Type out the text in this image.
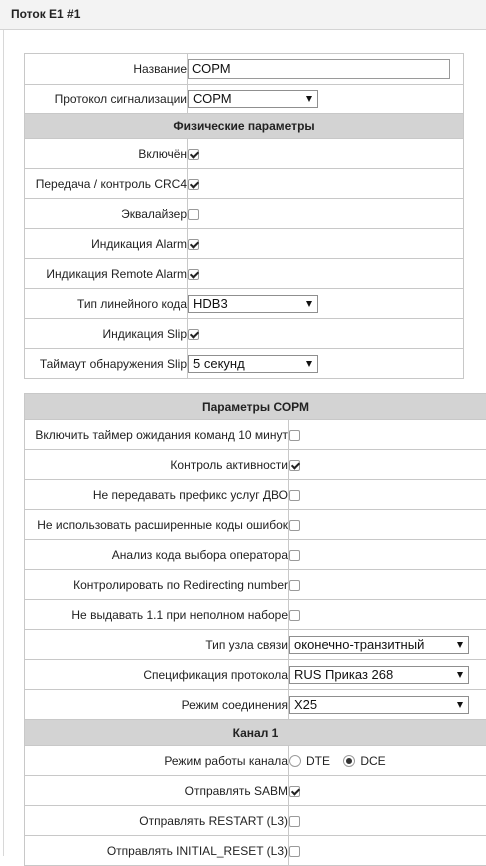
Поток E1 #1
Название	СОРМ
Протокол сигнализации	СОРМ

Физические параметры	
Включён	
Передача / контроль CRC4	
Эквалайзер	
Индикация Alarm	
Индикация Remote Alarm	
Тип линейного кода	HDB3

Индикация Slip	
Таймаут обнаружения Slip	5 секунд
Параметры СОРМ	
Включить таймер ожидания команд 10 минут	
Контроль активности	
Не передавать префикс услуг ДВО	
Не использовать расширенные коды ошибок	
Анализ кода выбора оператора	
Контролировать по Redirecting number	
Не выдавать 1.1 при неполном наборе	
Тип узла связи	оконечно-транзитный

Спецификация протокола	RUS Приказ 268

Режим соединения	X25

Канал 1	
Режим работы канала	DTE DCE
Отправлять SABM	
Отправлять RESTART (L3)	
Отправлять INITIAL_RESET (L3)	
